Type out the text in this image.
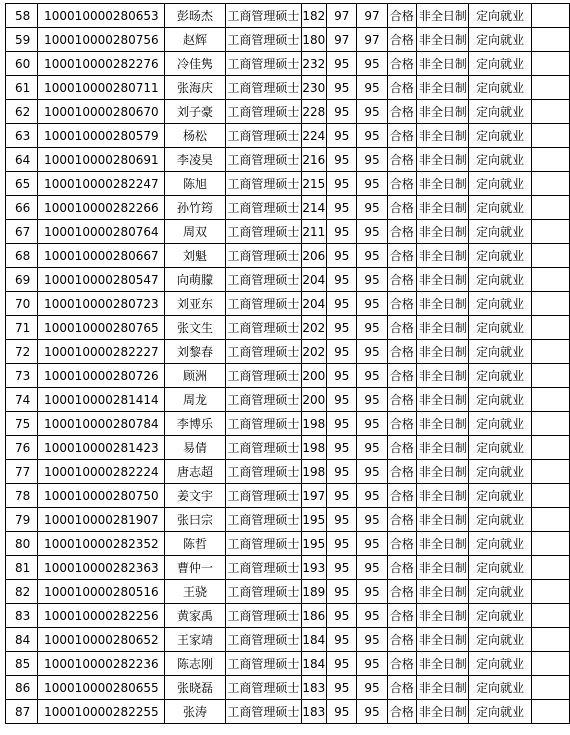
58	100010000280653	彭旸杰	工商管理硕士	182	97	97	合格	非全日制	定向就业	
59	100010000280756	赵辉	工商管理硕士	180	97	97	合格	非全日制	定向就业	
60	100010000282276	冷佳隽	工商管理硕士	232	95	95	合格	非全日制	定向就业	
61	100010000280711	张海庆	工商管理硕士	230	95	95	合格	非全日制	定向就业	
62	100010000280670	刘子豪	工商管理硕士	228	95	95	合格	非全日制	定向就业	
63	100010000280579	杨松	工商管理硕士	224	95	95	合格	非全日制	定向就业	
64	100010000280691	李凌昊	工商管理硕士	216	95	95	合格	非全日制	定向就业	
65	100010000282247	陈旭	工商管理硕士	215	95	95	合格	非全日制	定向就业	
66	100010000282266	孙竹筠	工商管理硕士	214	95	95	合格	非全日制	定向就业	
67	100010000280764	周双	工商管理硕士	211	95	95	合格	非全日制	定向就业	
68	100010000280667	刘魁	工商管理硕士	206	95	95	合格	非全日制	定向就业	
69	100010000280547	向萌朦	工商管理硕士	204	95	95	合格	非全日制	定向就业	
70	100010000280723	刘亚东	工商管理硕士	204	95	95	合格	非全日制	定向就业	
71	100010000280765	张文生	工商管理硕士	202	95	95	合格	非全日制	定向就业	
72	100010000282227	刘黎春	工商管理硕士	202	95	95	合格	非全日制	定向就业	
73	100010000280726	顾洲	工商管理硕士	200	95	95	合格	非全日制	定向就业	
74	100010000281414	周龙	工商管理硕士	200	95	95	合格	非全日制	定向就业	
75	100010000280784	李博乐	工商管理硕士	198	95	95	合格	非全日制	定向就业	
76	100010000281423	易倩	工商管理硕士	198	95	95	合格	非全日制	定向就业	
77	100010000282224	唐志超	工商管理硕士	198	95	95	合格	非全日制	定向就业	
78	100010000280750	姜文宇	工商管理硕士	197	95	95	合格	非全日制	定向就业	
79	100010000281907	张曰宗	工商管理硕士	195	95	95	合格	非全日制	定向就业	
80	100010000282352	陈哲	工商管理硕士	195	95	95	合格	非全日制	定向就业	
81	100010000282363	曹仲一	工商管理硕士	193	95	95	合格	非全日制	定向就业	
82	100010000280516	王骁	工商管理硕士	189	95	95	合格	非全日制	定向就业	
83	100010000282256	黄家禹	工商管理硕士	186	95	95	合格	非全日制	定向就业	
84	100010000280652	王家靖	工商管理硕士	184	95	95	合格	非全日制	定向就业	
85	100010000282236	陈志刚	工商管理硕士	184	95	95	合格	非全日制	定向就业	
86	100010000280655	张晓磊	工商管理硕士	183	95	95	合格	非全日制	定向就业	
87	100010000282255	张涛	工商管理硕士	183	95	95	合格	非全日制	定向就业	
